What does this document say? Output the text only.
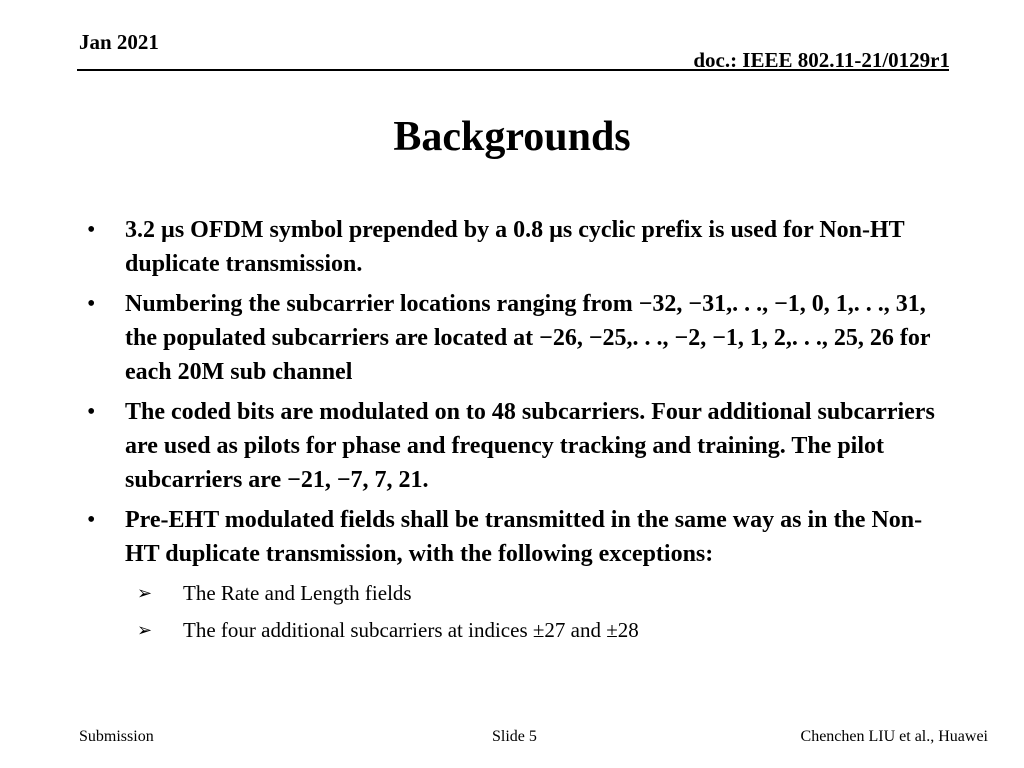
Jan 2021
doc.: IEEE 802.11-21/0129r1
Backgrounds
• 3.2 µs OFDM symbol prepended by a 0.8 µs cyclic prefix is used for Non-HT duplicate transmission.
• Numbering the subcarrier locations ranging from −32, −31,. . ., −1, 0, 1,. . ., 31, the populated subcarriers are located at −26, −25,. . ., −2, −1, 1, 2,. . ., 25, 26 for each 20M sub channel
• The coded bits are modulated on to 48 subcarriers. Four additional subcarriers are used as pilots for phase and frequency tracking and training. The pilot subcarriers are −21, −7, 7, 21.
• Pre-EHT modulated fields shall be transmitted in the same way as in the Non-HT duplicate transmission, with the following exceptions:
➢ The Rate and Length fields
➢ The four additional subcarriers at indices ±27 and ±28
Submission	Slide 5	Chenchen LIU et al., Huawei
